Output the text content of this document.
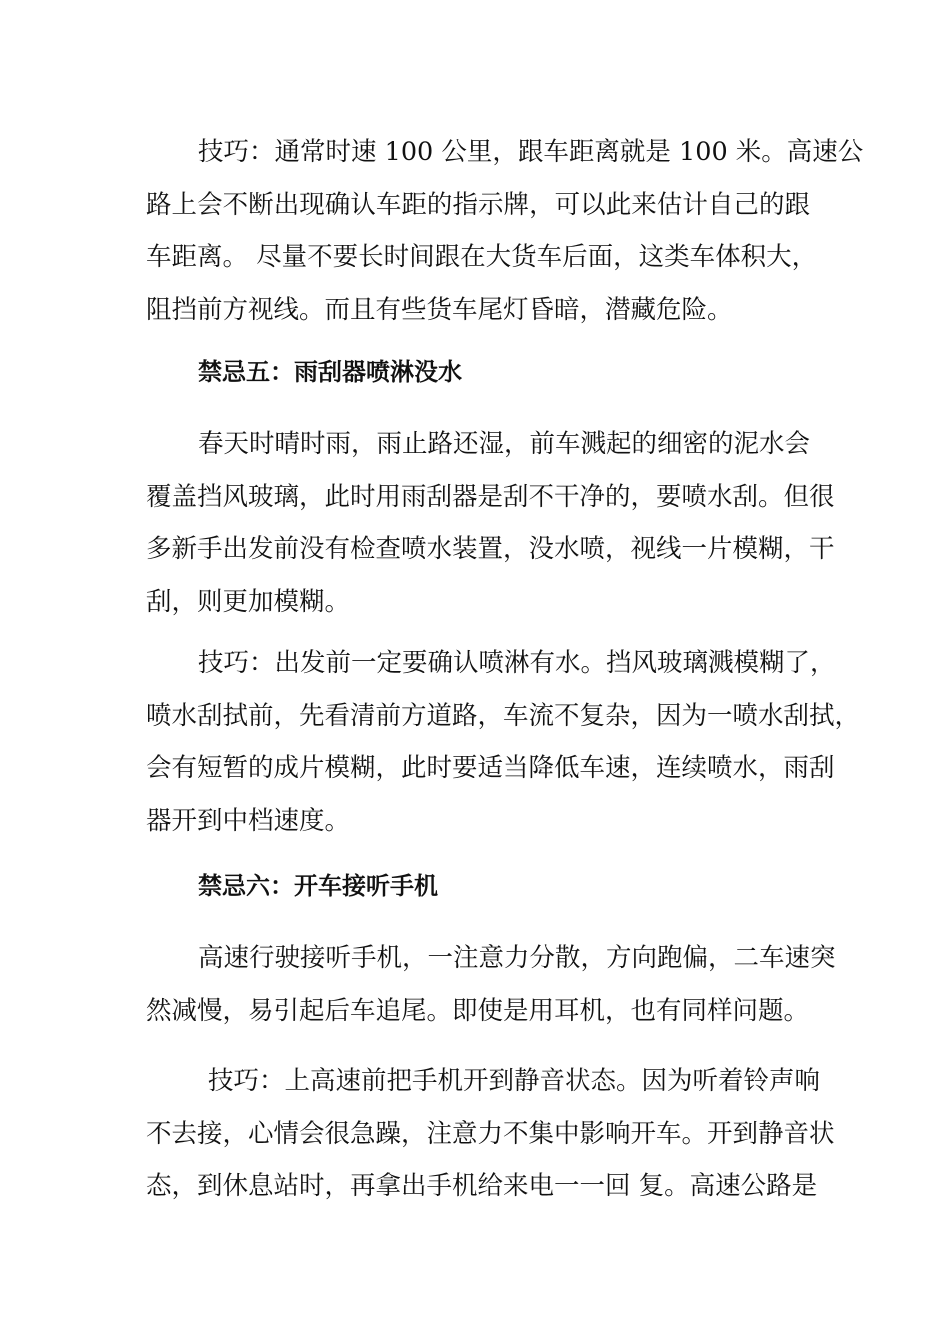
技巧：通常时速 100 公里，跟车距离就是 100 米。高速公
路上会不断出现确认车距的指示牌，可以此来估计自己的跟
车距离。 尽量不要长时间跟在大货车后面，这类车体积大，
阻挡前方视线。而且有些货车尾灯昏暗，潜藏危险。

禁忌五：雨刮器喷淋没水

春天时晴时雨，雨止路还湿，前车溅起的细密的泥水会
覆盖挡风玻璃，此时用雨刮器是刮不干净的，要喷水刮。但很
多新手出发前没有检查喷水装置，没水喷，视线一片模糊，干
刮，则更加模糊。

技巧：出发前一定要确认喷淋有水。挡风玻璃溅模糊了，
喷水刮拭前，先看清前方道路，车流不复杂，因为一喷水刮拭，
会有短暂的成片模糊，此时要适当降低车速，连续喷水，雨刮
器开到中档速度。

禁忌六：开车接听手机

高速行驶接听手机，一注意力分散，方向跑偏，二车速突
然减慢，易引起后车追尾。即使是用耳机，也有同样问题。

技巧：上高速前把手机开到静音状态。因为听着铃声响
不去接，心情会很急躁，注意力不集中影响开车。开到静音状
态，到休息站时，再拿出手机给来电一一回 复。高速公路是
